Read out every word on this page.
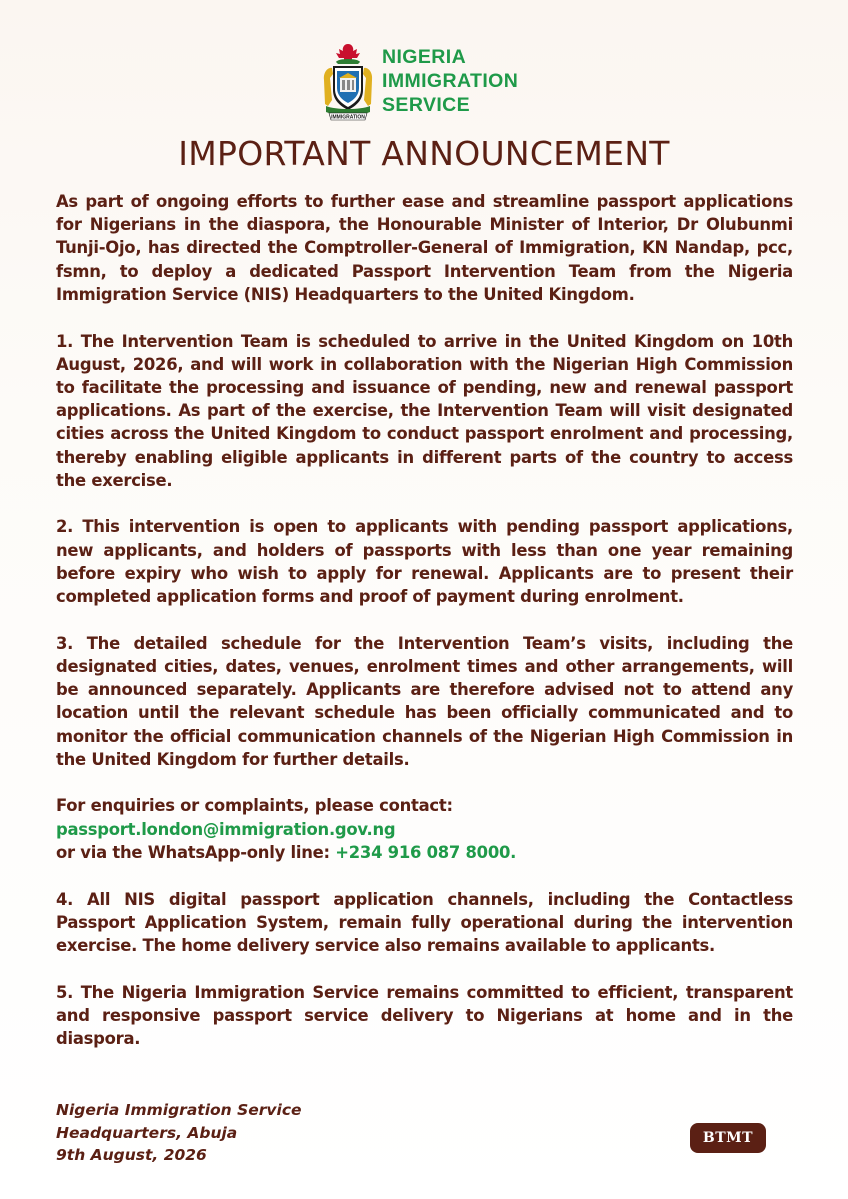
IMMIGRATION
NIGERIA
IMMIGRATION
SERVICE
IMPORTANT ANNOUNCEMENT

As part of ongoing efforts to further ease and streamline passport applications for Nigerians in the diaspora, the Honourable Minister of Interior, Dr Olubunmi Tunji-Ojo, has directed the Comptroller-General of Immigration, KN Nandap, pcc, fsmn, to deploy a dedicated Passport Intervention Team from the Nigeria Immigration Service (NIS) Headquarters to the United Kingdom.

1. The Intervention Team is scheduled to arrive in the United Kingdom on 10th August, 2026, and will work in collaboration with the Nigerian High Commission to facilitate the processing and issuance of pending, new and renewal passport applications. As part of the exercise, the Intervention Team will visit designated cities across the United Kingdom to conduct passport enrolment and processing, thereby enabling eligible applicants in different parts of the country to access the exercise.

2. This intervention is open to applicants with pending passport applications, new applicants, and holders of passports with less than one year remaining before expiry who wish to apply for renewal. Applicants are to present their completed application forms and proof of payment during enrolment.

3. The detailed schedule for the Intervention Team’s visits, including the designated cities, dates, venues, enrolment times and other arrangements, will be announced separately. Applicants are therefore advised not to attend any location until the relevant schedule has been officially communicated and to monitor the official communication channels of the Nigerian High Commission in the United Kingdom for further details.

For enquiries or complaints, please contact:
passport.london@immigration.gov.ng
or via the WhatsApp-only line: +234 916 087 8000.

4. All NIS digital passport application channels, including the Contactless Passport Application System, remain fully operational during the intervention exercise. The home delivery service also remains available to applicants.

5. The Nigeria Immigration Service remains committed to efficient, transparent and responsive passport service delivery to Nigerians at home and in the diaspora.

Nigeria Immigration Service
Headquarters, Abuja
9th August, 2026
BTMT
